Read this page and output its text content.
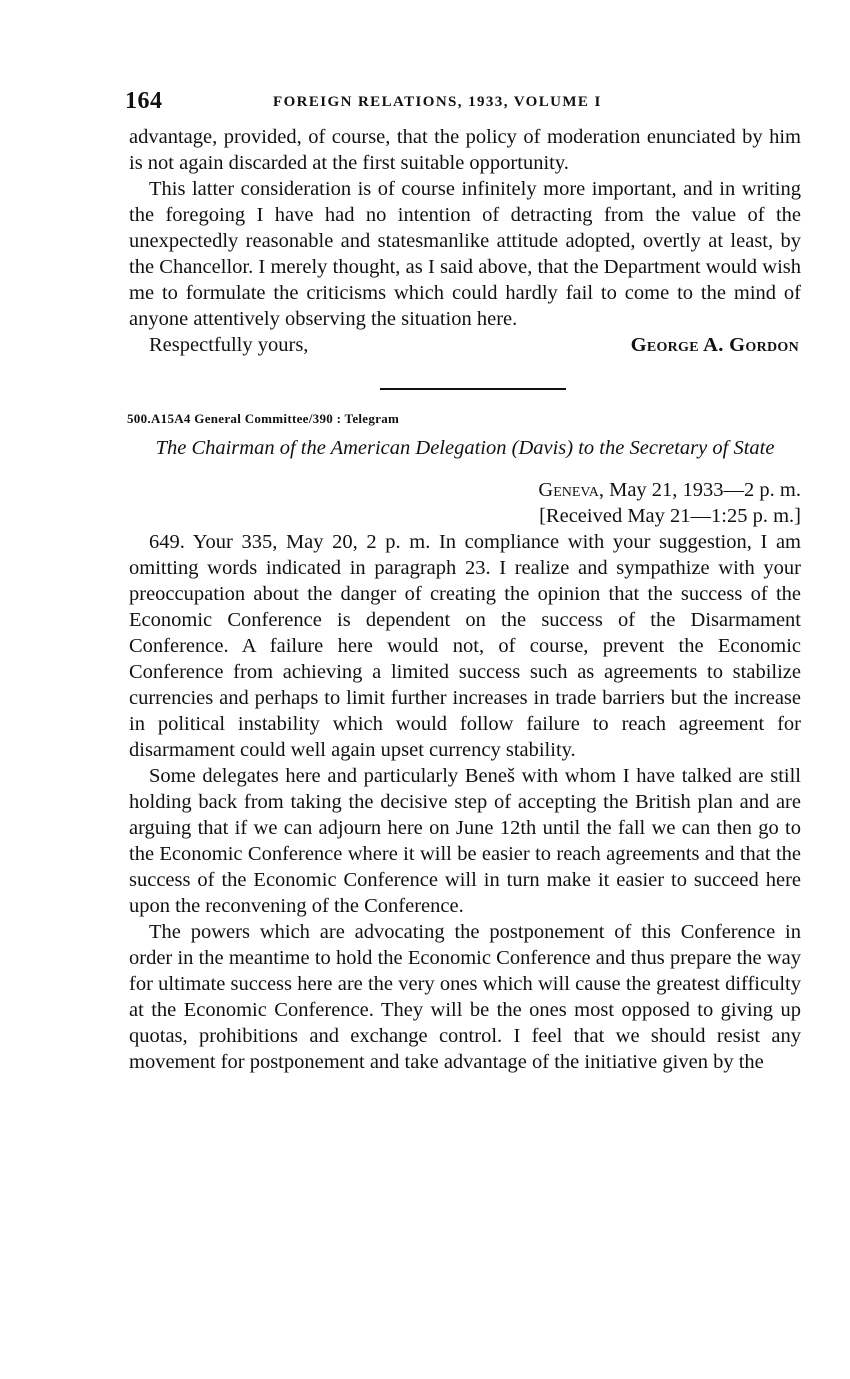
164	FOREIGN RELATIONS, 1933, VOLUME I

advantage, provided, of course, that the policy of moderation enunciated by him is not again discarded at the first suitable opportunity.

This latter consideration is of course infinitely more important, and in writing the foregoing I have had no intention of detracting from the value of the unexpectedly reasonable and statesmanlike attitude adopted, overtly at least, by the Chancellor. I merely thought, as I said above, that the Department would wish me to formulate the criticisms which could hardly fail to come to the mind of anyone attentively observing the situation here.

Respectfully yours,	George A. Gordon
500.A15A4 General Committee/390 : Telegram
The Chairman of the American Delegation (Davis) to the Secretary of State
Geneva, May 21, 1933—2 p. m.
[Received May 21—1:25 p. m.]

649. Your 335, May 20, 2 p. m. In compliance with your suggestion, I am omitting words indicated in paragraph 23. I realize and sympathize with your preoccupation about the danger of creating the opinion that the success of the Economic Conference is dependent on the success of the Disarmament Conference. A failure here would not, of course, prevent the Economic Conference from achieving a limited success such as agreements to stabilize currencies and perhaps to limit further increases in trade barriers but the increase in political instability which would follow failure to reach agreement for disarmament could well again upset currency stability.

Some delegates here and particularly Beneš with whom I have talked are still holding back from taking the decisive step of accepting the British plan and are arguing that if we can adjourn here on June 12th until the fall we can then go to the Economic Conference where it will be easier to reach agreements and that the success of the Economic Conference will in turn make it easier to succeed here upon the reconvening of the Conference.

The powers which are advocating the postponement of this Conference in order in the meantime to hold the Economic Conference and thus prepare the way for ultimate success here are the very ones which will cause the greatest difficulty at the Economic Conference. They will be the ones most opposed to giving up quotas, prohibitions and exchange control. I feel that we should resist any movement for postponement and take advantage of the initiative given by the
